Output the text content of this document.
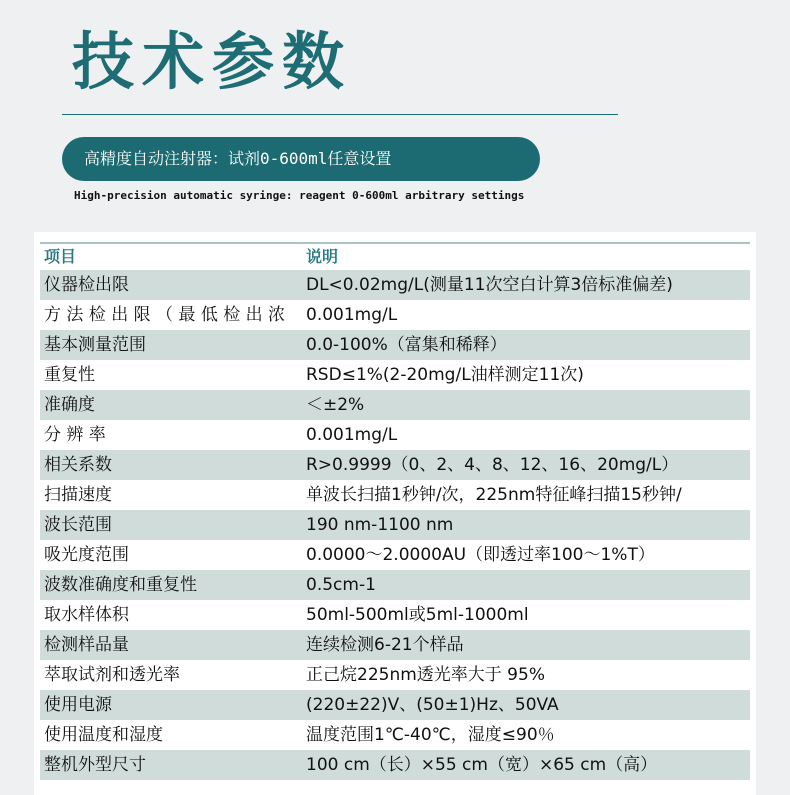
技术参数
高精度自动注射器：试剂0-600ml任意设置
High-precision automatic syringe: reagent 0-600ml arbitrary settings
项目	说明
仪器检出限	DL<0.02mg/L(测量11次空白计算3倍标准偏差)
方 法 检 出 限 （ 最 低 检 出 浓	0.001mg/L
基本测量范围	0.0-100%（富集和稀释）
重复性	RSD≤1%(2-20mg/L油样测定11次)
准确度	＜±2%
分 辨 率	0.001mg/L
相关系数	R>0.9999（0、2、4、8、12、16、20mg/L）
扫描速度	单波长扫描1秒钟/次，225nm特征峰扫描15秒钟/
波长范围	190 nm-1100 nm
吸光度范围	0.0000～2.0000AU（即透过率100～1%T）
波数准确度和重复性	0.5cm-1
取水样体积	50ml-500ml或5ml-1000ml
检测样品量	连续检测6-21个样品
萃取试剂和透光率	正己烷225nm透光率大于 95%
使用电源	(220±22)V、(50±1)Hz、50VA
使用温度和湿度	温度范围1℃-40℃，湿度≤90％
整机外型尺寸	100 cm（长）×55 cm（宽）×65 cm（高）
